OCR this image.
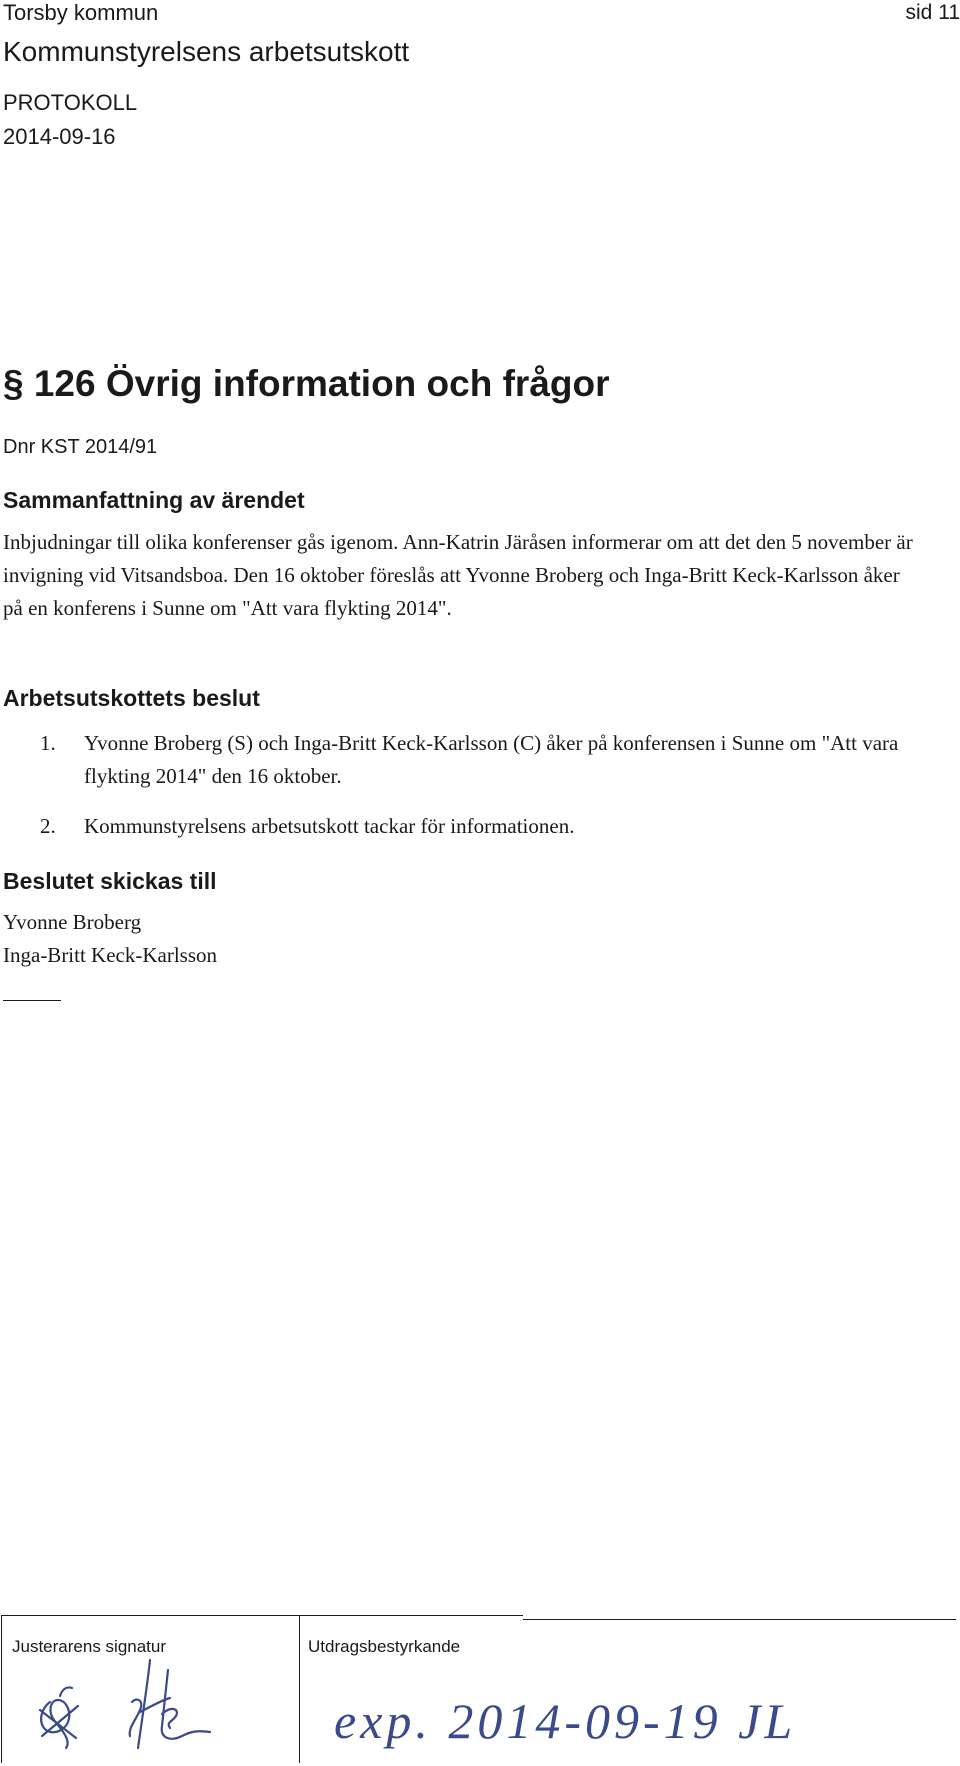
Torsby kommun	sid 11
Kommunstyrelsens arbetsutskott
PROTOKOLL
2014-09-16
§ 126 Övrig information och frågor
Dnr KST 2014/91
Sammanfattning av ärendet

Inbjudningar till olika konferenser gås igenom. Ann-Katrin Järåsen informerar om att det den 5 november är invigning vid Vitsandsboa. Den 16 oktober föreslås att Yvonne Broberg och Inga-Britt Keck-Karlsson åker på en konferens i Sunne om "Att vara flykting 2014".

Arbetsutskottets beslut
1.	Yvonne Broberg (S) och Inga-Britt Keck-Karlsson (C) åker på konferensen i Sunne om "Att vara flykting 2014" den 16 oktober.
2.	Kommunstyrelsens arbetsutskott tackar för informationen.
Beslutet skickas till
Yvonne Broberg
Inga-Britt Keck-Karlsson
Justerarens signatur	Utdragsbestyrkande
exp. 2014-09-19 JL
